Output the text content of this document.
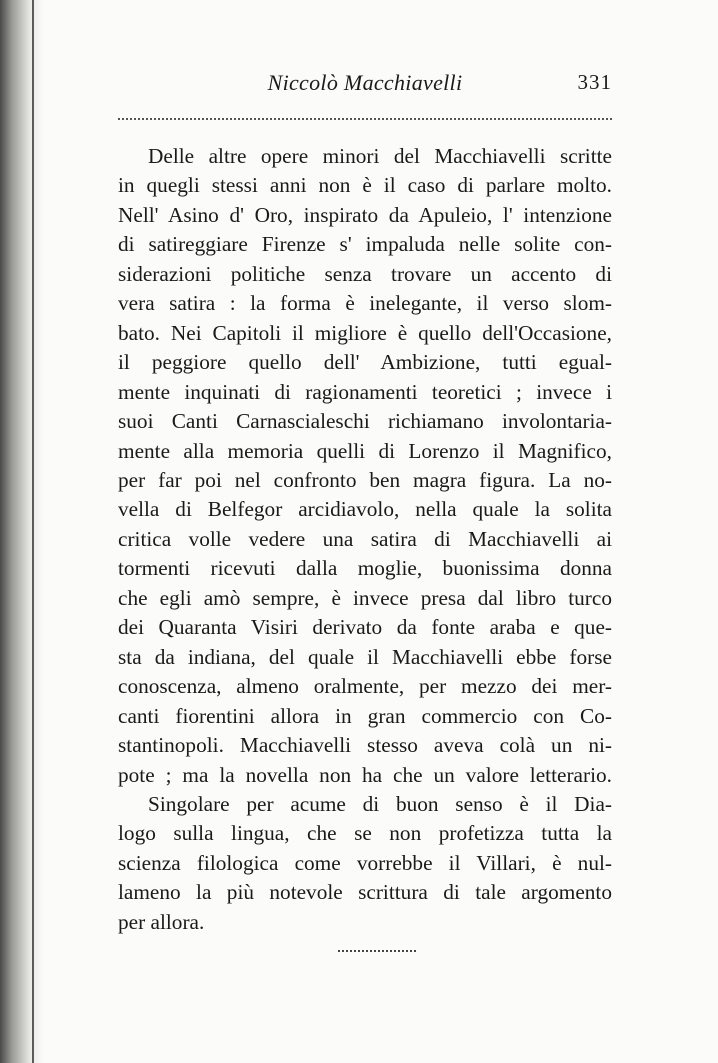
Niccolò Macchiavelli	331
Delle altre opere minori del Macchiavelli scritte
in quegli stessi anni non è il caso di parlare molto.
Nell' Asino d' Oro, inspirato da Apuleio, l' intenzione
di satireggiare Firenze s' impaluda nelle solite con-
siderazioni politiche senza trovare un accento di
vera satira : la forma è inelegante, il verso slom-
bato. Nei Capitoli il migliore è quello dell'Occasione,
il peggiore quello dell' Ambizione, tutti egual-
mente inquinati di ragionamenti teoretici ; invece i
suoi Canti Carnascialeschi richiamano involontaria-
mente alla memoria quelli di Lorenzo il Magnifico,
per far poi nel confronto ben magra figura. La no-
vella di Belfegor arcidiavolo, nella quale la solita
critica volle vedere una satira di Macchiavelli ai
tormenti ricevuti dalla moglie, buonissima donna
che egli amò sempre, è invece presa dal libro turco
dei Quaranta Visiri derivato da fonte araba e que-
sta da indiana, del quale il Macchiavelli ebbe forse
conoscenza, almeno oralmente, per mezzo dei mer-
canti fiorentini allora in gran commercio con Co-
stantinopoli. Macchiavelli stesso aveva colà un ni-
pote ; ma la novella non ha che un valore letterario.
Singolare per acume di buon senso è il Dia-
logo sulla lingua, che se non profetizza tutta la
scienza filologica come vorrebbe il Villari, è nul-
lameno la più notevole scrittura di tale argomento
per allora.
